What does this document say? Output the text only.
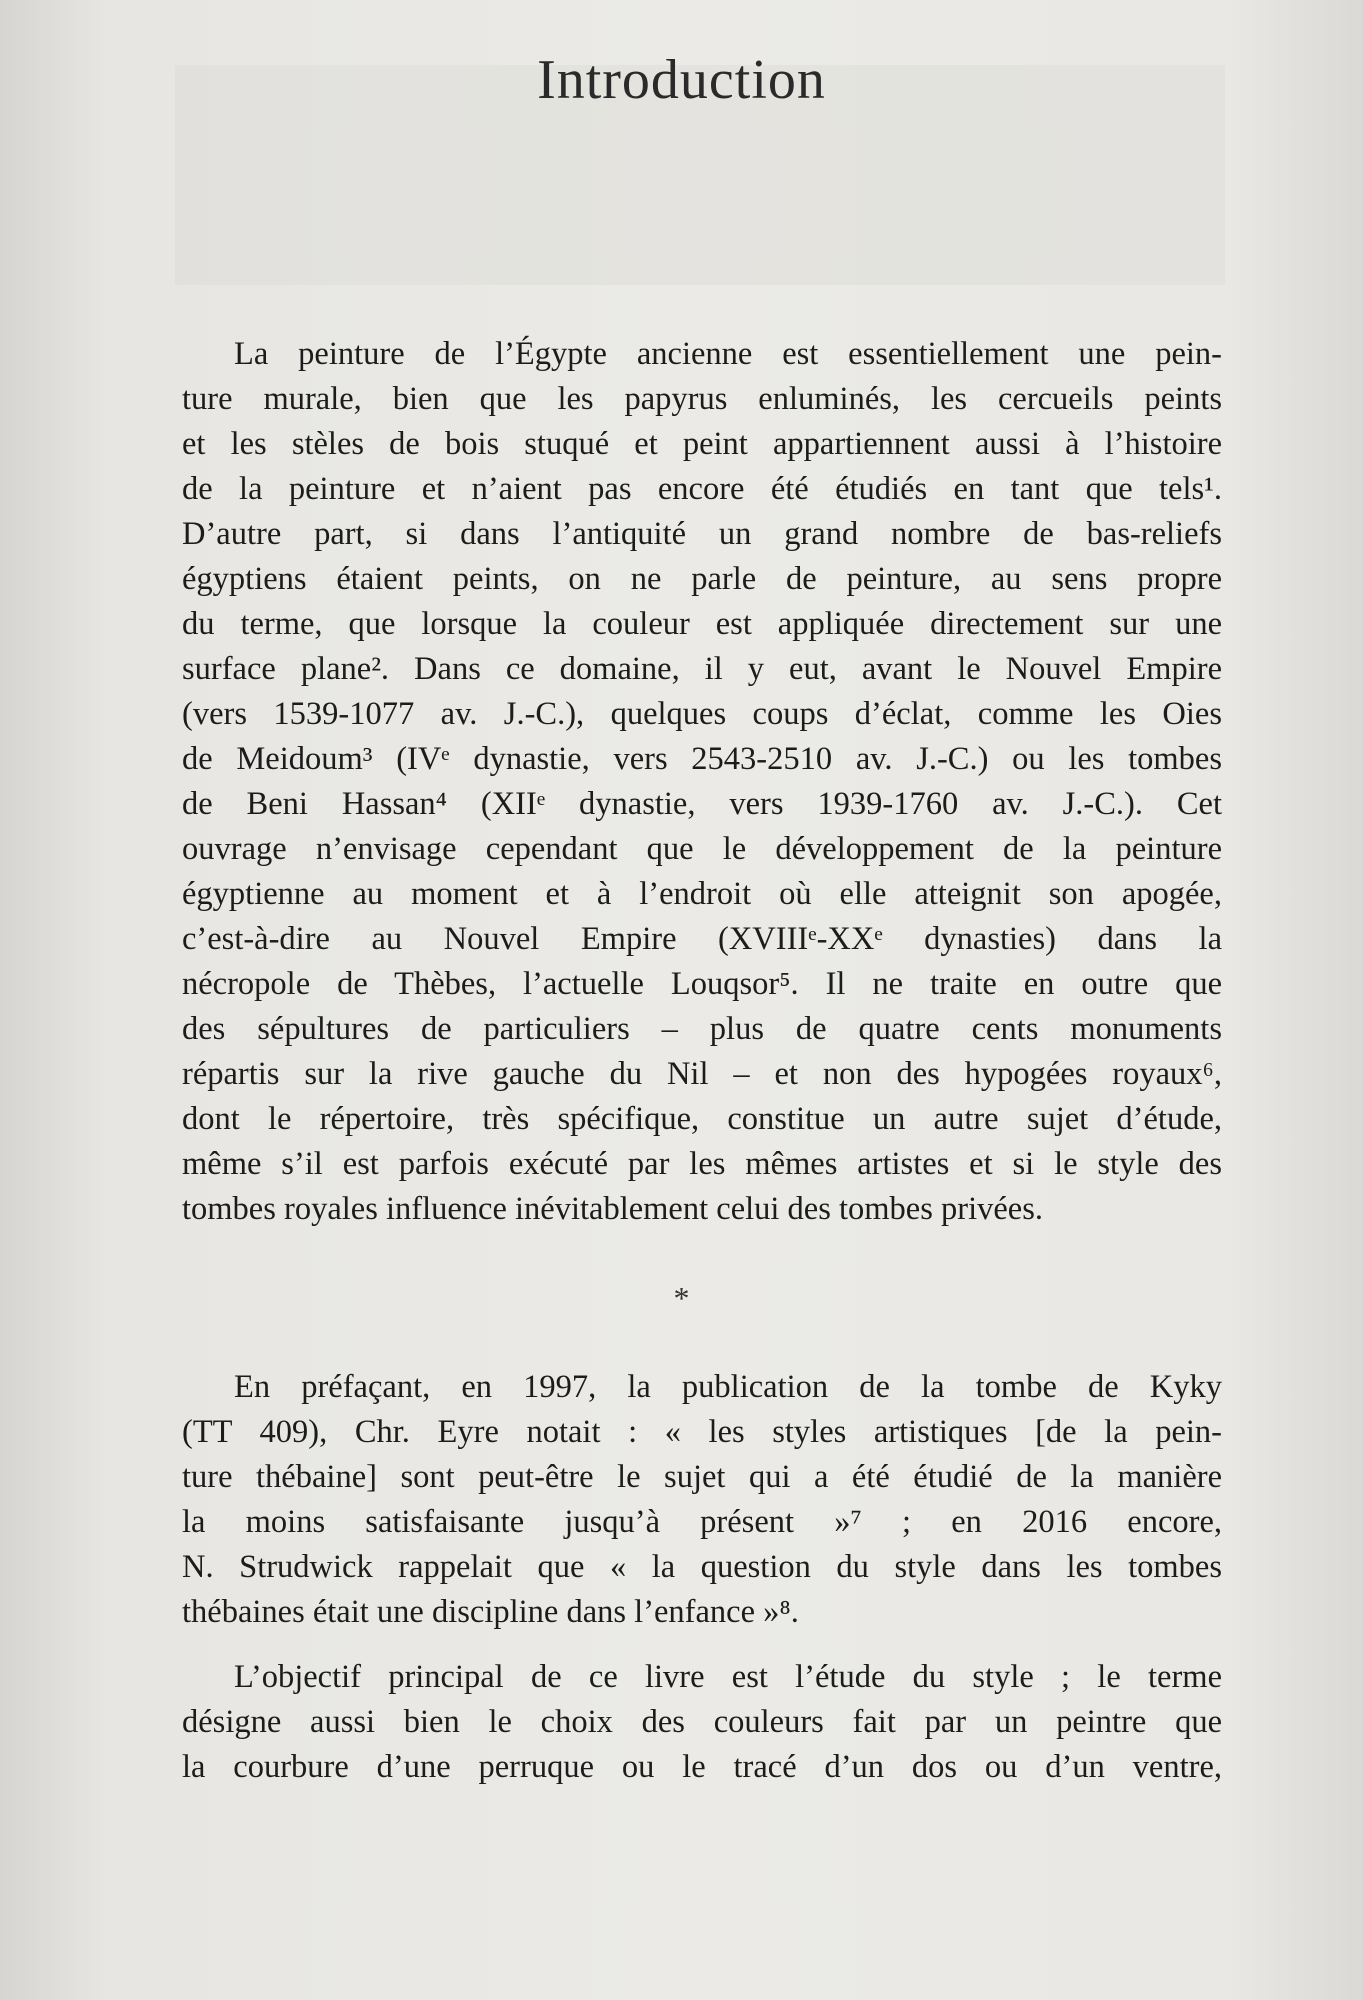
Introduction
La peinture de l’Égypte ancienne est essentiellement une pein-
ture murale, bien que les papyrus enluminés, les cercueils peints
et les stèles de bois stuqué et peint appartiennent aussi à l’histoire
de la peinture et n’aient pas encore été étudiés en tant que tels¹.
D’autre part, si dans l’antiquité un grand nombre de bas-reliefs
égyptiens étaient peints, on ne parle de peinture, au sens propre
du terme, que lorsque la couleur est appliquée directement sur une
surface plane². Dans ce domaine, il y eut, avant le Nouvel Empire
(vers 1539-1077 av. J.-C.), quelques coups d’éclat, comme les Oies
de Meidoum³ (IVᵉ dynastie, vers 2543-2510 av. J.-C.) ou les tombes
de Beni Hassan⁴ (XIIᵉ dynastie, vers 1939-1760 av. J.-C.). Cet
ouvrage n’envisage cependant que le développement de la peinture
égyptienne au moment et à l’endroit où elle atteignit son apogée,
c’est-à-dire au Nouvel Empire (XVIIIᵉ-XXᵉ dynasties) dans la
nécropole de Thèbes, l’actuelle Louqsor⁵. Il ne traite en outre que
des sépultures de particuliers – plus de quatre cents monuments
répartis sur la rive gauche du Nil – et non des hypogées royaux⁶,
dont le répertoire, très spécifique, constitue un autre sujet d’étude,
même s’il est parfois exécuté par les mêmes artistes et si le style des
tombes royales influence inévitablement celui des tombes privées.
*
En préfaçant, en 1997, la publication de la tombe de Kyky
(TT 409), Chr. Eyre notait : « les styles artistiques [de la pein-
ture thébaine] sont peut-être le sujet qui a été étudié de la manière
la moins satisfaisante jusqu’à présent »⁷ ; en 2016 encore,
N. Strudwick rappelait que « la question du style dans les tombes
thébaines était une discipline dans l’enfance »⁸.
L’objectif principal de ce livre est l’étude du style ; le terme
désigne aussi bien le choix des couleurs fait par un peintre que
la courbure d’une perruque ou le tracé d’un dos ou d’un ventre,
